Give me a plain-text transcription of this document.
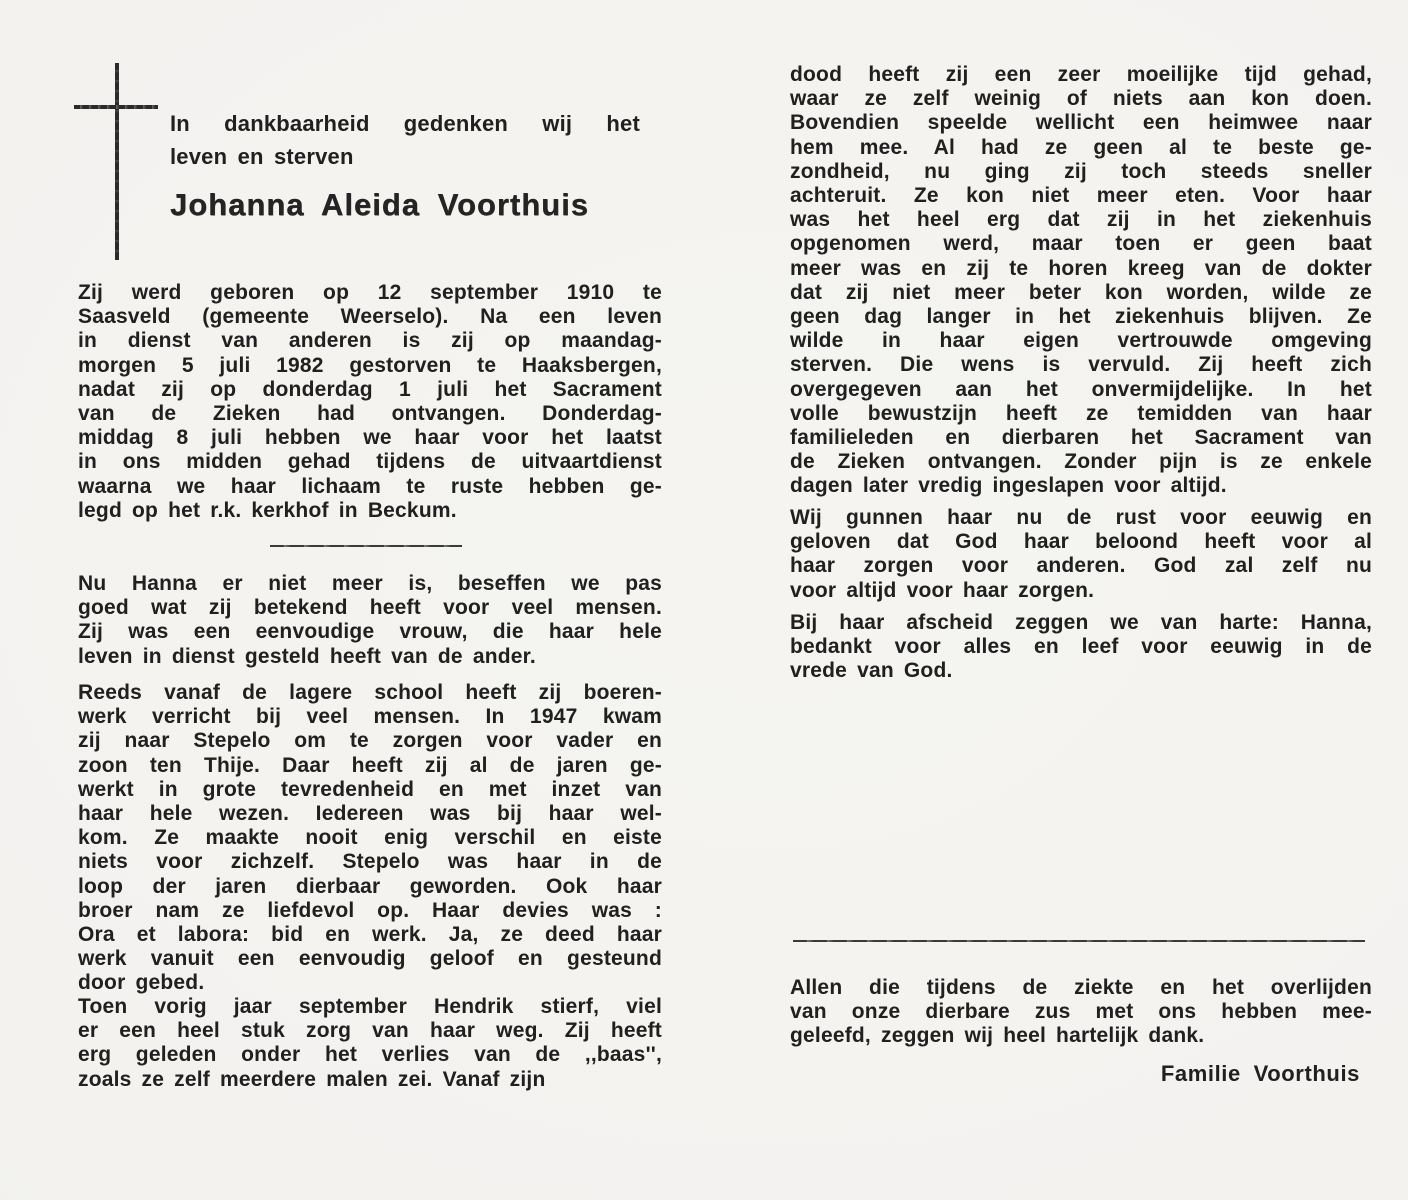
In dankbaarheid gedenken wij het
leven en sterven
Johanna Aleida Voorthuis
Zij werd geboren op 12 september 1910 te
Saasveld (gemeente Weerselo). Na een leven
in dienst van anderen is zij op maandag-
morgen 5 juli 1982 gestorven te Haaksbergen,
nadat zij op donderdag 1 juli het Sacrament
van de Zieken had ontvangen. Donderdag-
middag 8 juli hebben we haar voor het laatst
in ons midden gehad tijdens de uitvaartdienst
waarna we haar lichaam te ruste hebben ge-
legd op het r.k. kerkhof in Beckum.
Nu Hanna er niet meer is, beseffen we pas
goed wat zij betekend heeft voor veel mensen.
Zij was een eenvoudige vrouw, die haar hele
leven in dienst gesteld heeft van de ander.
Reeds vanaf de lagere school heeft zij boeren-
werk verricht bij veel mensen. In 1947 kwam
zij naar Stepelo om te zorgen voor vader en
zoon ten Thije. Daar heeft zij al de jaren ge-
werkt in grote tevredenheid en met inzet van
haar hele wezen. Iedereen was bij haar wel-
kom. Ze maakte nooit enig verschil en eiste
niets voor zichzelf. Stepelo was haar in de
loop der jaren dierbaar geworden. Ook haar
broer nam ze liefdevol op. Haar devies was :
Ora et labora: bid en werk. Ja, ze deed haar
werk vanuit een eenvoudig geloof en gesteund
door gebed.
Toen vorig jaar september Hendrik stierf, viel
er een heel stuk zorg van haar weg. Zij heeft
erg geleden onder het verlies van de ,,baas'',
zoals ze zelf meerdere malen zei. Vanaf zijn
dood heeft zij een zeer moeilijke tijd gehad,
waar ze zelf weinig of niets aan kon doen.
Bovendien speelde wellicht een heimwee naar
hem mee. Al had ze geen al te beste ge-
zondheid, nu ging zij toch steeds sneller
achteruit. Ze kon niet meer eten. Voor haar
was het heel erg dat zij in het ziekenhuis
opgenomen werd, maar toen er geen baat
meer was en zij te horen kreeg van de dokter
dat zij niet meer beter kon worden, wilde ze
geen dag langer in het ziekenhuis blijven. Ze
wilde in haar eigen vertrouwde omgeving
sterven. Die wens is vervuld. Zij heeft zich
overgegeven aan het onvermijdelijke. In het
volle bewustzijn heeft ze temidden van haar
familieleden en dierbaren het Sacrament van
de Zieken ontvangen. Zonder pijn is ze enkele
dagen later vredig ingeslapen voor altijd.
Wij gunnen haar nu de rust voor eeuwig en
geloven dat God haar beloond heeft voor al
haar zorgen voor anderen. God zal zelf nu
voor altijd voor haar zorgen.
Bij haar afscheid zeggen we van harte: Hanna,
bedankt voor alles en leef voor eeuwig in de
vrede van God.
Allen die tijdens de ziekte en het overlijden
van onze dierbare zus met ons hebben mee-
geleefd, zeggen wij heel hartelijk dank.
Familie Voorthuis
